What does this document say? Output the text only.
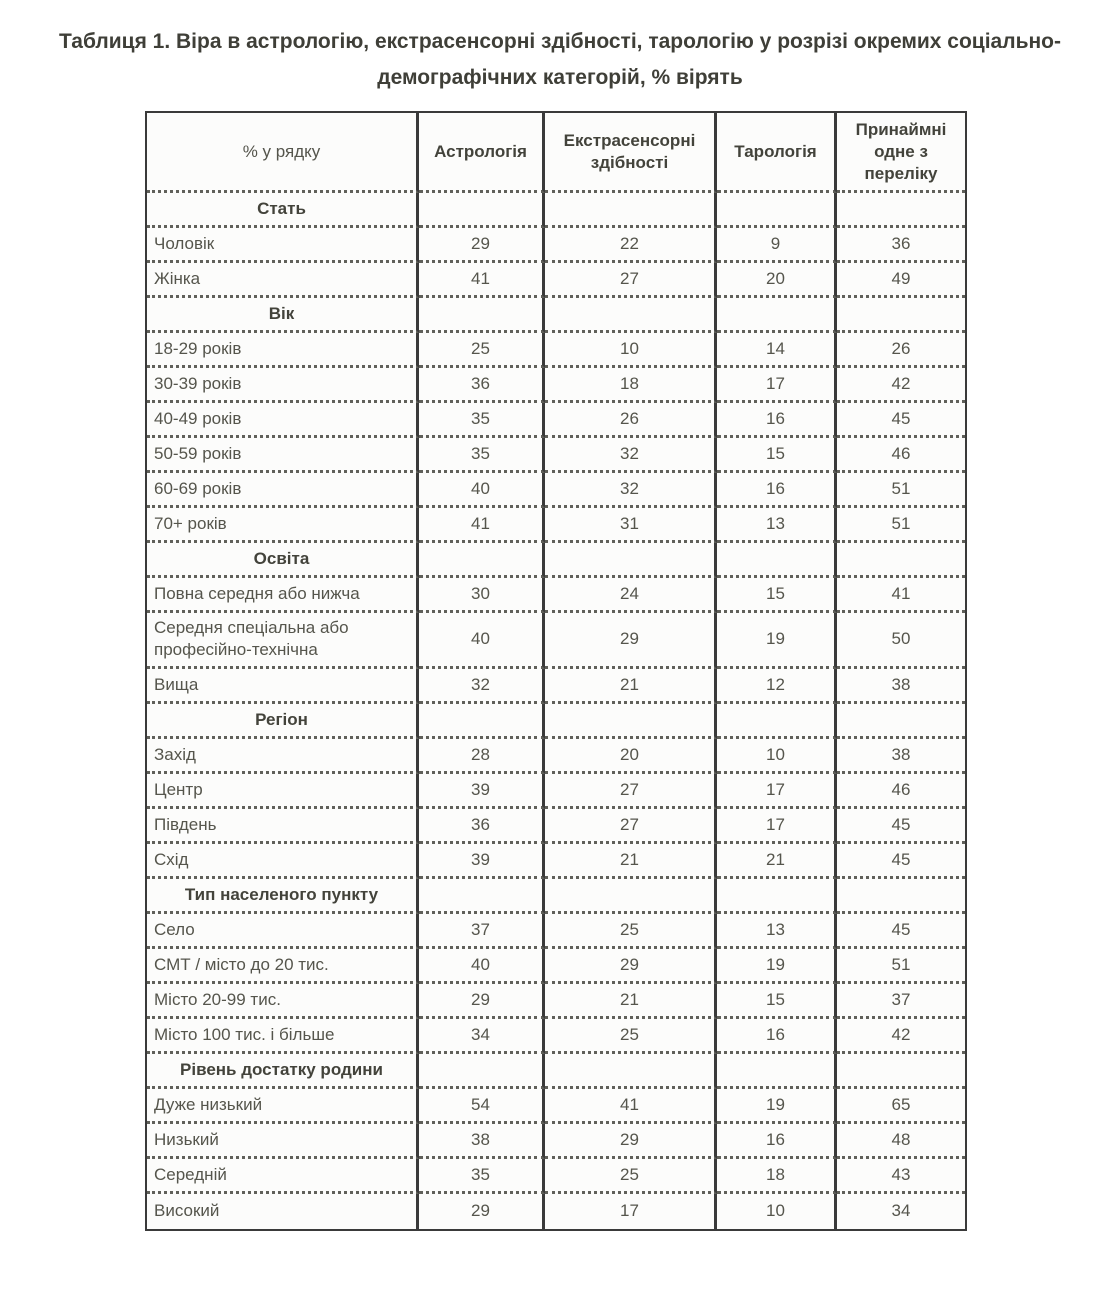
Таблиця 1. Віра в астрологію, екстрасенсорні здібності, тарологію у розрізі окремих соціально-демографічних категорій, % вірять
% у рядку	Астрологія	Екстрасенсорні здібності	Тарологія	Принаймні одне з переліку
Стать				
Чоловік	29	22	9	36
Жінка	41	27	20	49
Вік				
18-29 років	25	10	14	26
30-39 років	36	18	17	42
40-49 років	35	26	16	45
50-59 років	35	32	15	46
60-69 років	40	32	16	51
70+ років	41	31	13	51
Освіта				
Повна середня або нижча	30	24	15	41
Середня спеціальна або професійно-технічна	40	29	19	50
Вища	32	21	12	38
Регіон				
Захід	28	20	10	38
Центр	39	27	17	46
Південь	36	27	17	45
Схід	39	21	21	45
Тип населеного пункту				
Село	37	25	13	45
СМТ / місто до 20 тис.	40	29	19	51
Місто 20-99 тис.	29	21	15	37
Місто 100 тис. і більше	34	25	16	42
Рівень достатку родини				
Дуже низький	54	41	19	65
Низький	38	29	16	48
Середній	35	25	18	43
Високий	29	17	10	34
